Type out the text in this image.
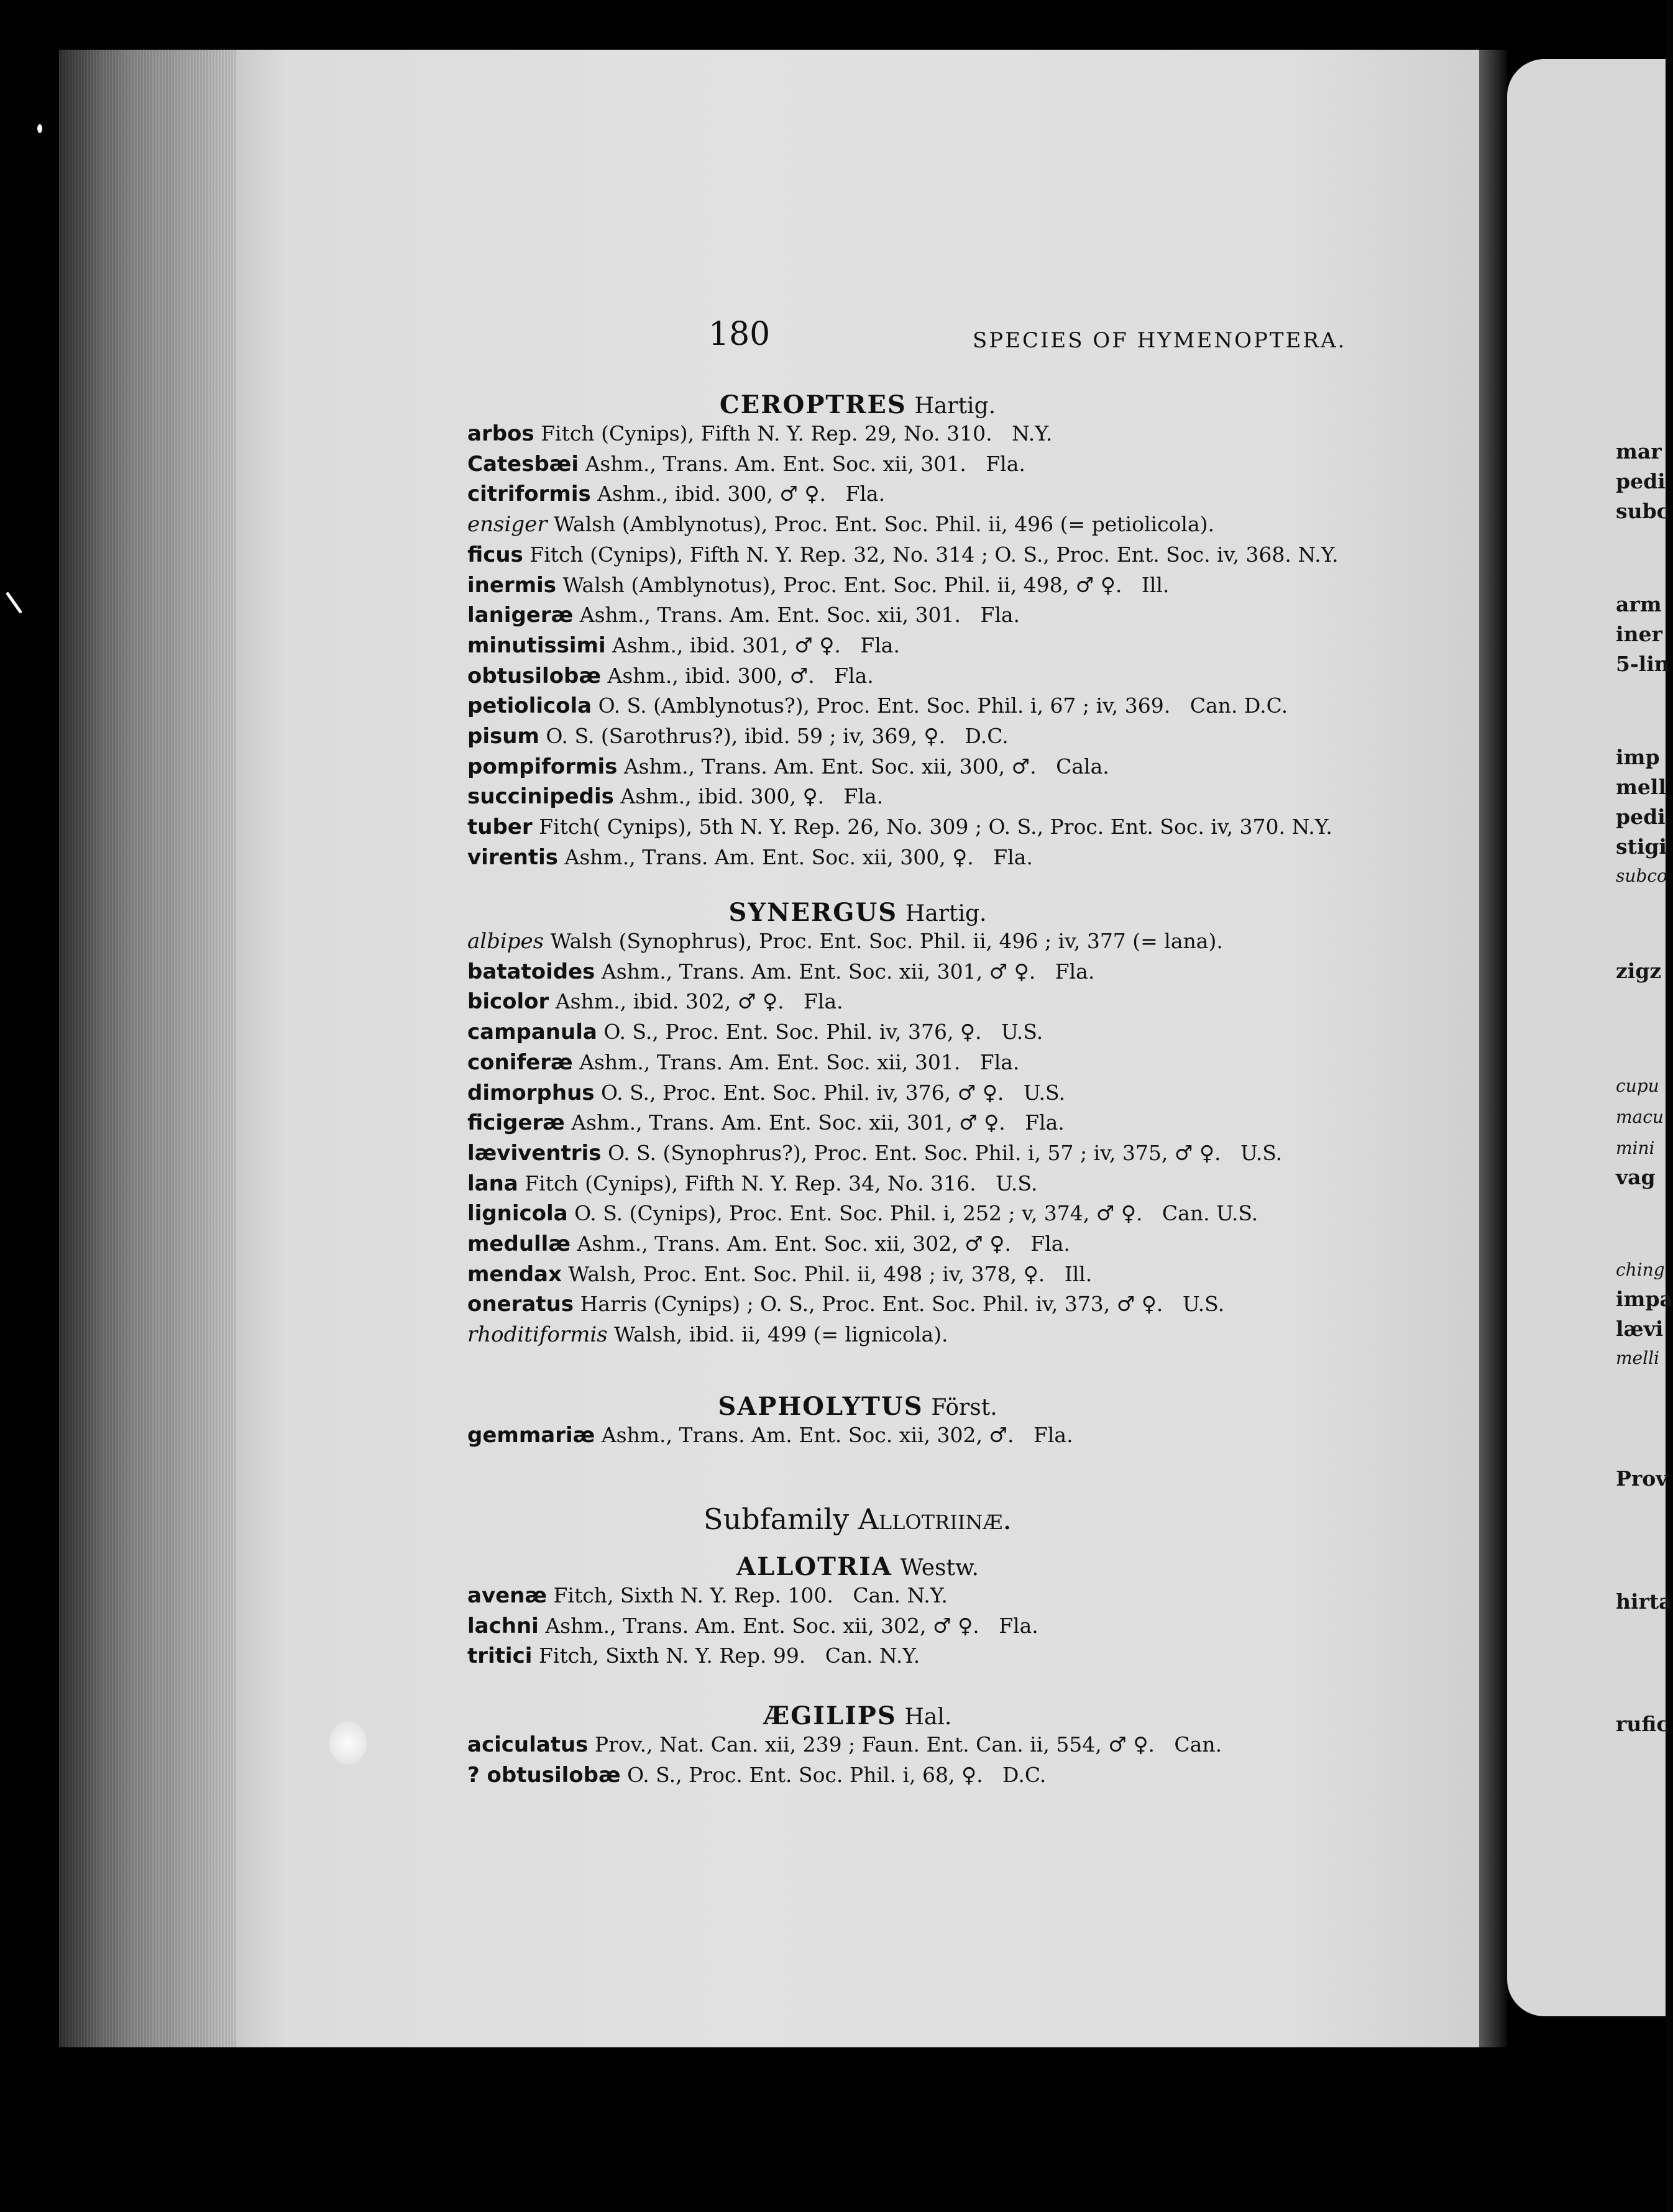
mar
pedi
subc
arm
iner
5-lin
imp
mell
pedi
stigi
subco
zigz
cupu
macu
mini
vag
ching
impa
lævi
melli
Prov
hirta
rufic
180	SPECIES OF HYMENOPTERA.
CEROPTRES Hartig.
arbos Fitch (Cynips), Fifth N. Y. Rep. 29, No. 310.   N.Y.
Catesbæi Ashm., Trans. Am. Ent. Soc. xii, 301.   Fla.
citriformis Ashm., ibid. 300, ♂ ♀.   Fla.
ensiger Walsh (Amblynotus), Proc. Ent. Soc. Phil. ii, 496 (= petiolicola).
ficus Fitch (Cynips), Fifth N. Y. Rep. 32, No. 314 ; O. S., Proc. Ent. Soc. iv, 368. N.Y.
inermis Walsh (Amblynotus), Proc. Ent. Soc. Phil. ii, 498, ♂ ♀.   Ill.
lanigeræ Ashm., Trans. Am. Ent. Soc. xii, 301.   Fla.
minutissimi Ashm., ibid. 301, ♂ ♀.   Fla.
obtusilobæ Ashm., ibid. 300, ♂.   Fla.
petiolicola O. S. (Amblynotus?), Proc. Ent. Soc. Phil. i, 67 ; iv, 369.   Can. D.C.
pisum O. S. (Sarothrus?), ibid. 59 ; iv, 369, ♀.   D.C.
pompiformis Ashm., Trans. Am. Ent. Soc. xii, 300, ♂.   Cala.
succinipedis Ashm., ibid. 300, ♀.   Fla.
tuber Fitch( Cynips), 5th N. Y. Rep. 26, No. 309 ; O. S., Proc. Ent. Soc. iv, 370. N.Y.
virentis Ashm., Trans. Am. Ent. Soc. xii, 300, ♀.   Fla.
SYNERGUS Hartig.
albipes Walsh (Synophrus), Proc. Ent. Soc. Phil. ii, 496 ; iv, 377 (= lana).
batatoides Ashm., Trans. Am. Ent. Soc. xii, 301, ♂ ♀.   Fla.
bicolor Ashm., ibid. 302, ♂ ♀.   Fla.
campanula O. S., Proc. Ent. Soc. Phil. iv, 376, ♀.   U.S.
coniferæ Ashm., Trans. Am. Ent. Soc. xii, 301.   Fla.
dimorphus O. S., Proc. Ent. Soc. Phil. iv, 376, ♂ ♀.   U.S.
ficigeræ Ashm., Trans. Am. Ent. Soc. xii, 301, ♂ ♀.   Fla.
læviventris O. S. (Synophrus?), Proc. Ent. Soc. Phil. i, 57 ; iv, 375, ♂ ♀.   U.S.
lana Fitch (Cynips), Fifth N. Y. Rep. 34, No. 316.   U.S.
lignicola O. S. (Cynips), Proc. Ent. Soc. Phil. i, 252 ; v, 374, ♂ ♀.   Can. U.S.
medullæ Ashm., Trans. Am. Ent. Soc. xii, 302, ♂ ♀.   Fla.
mendax Walsh, Proc. Ent. Soc. Phil. ii, 498 ; iv, 378, ♀.   Ill.
oneratus Harris (Cynips) ; O. S., Proc. Ent. Soc. Phil. iv, 373, ♂ ♀.   U.S.
rhoditiformis Walsh, ibid. ii, 499 (= lignicola).
SAPHOLYTUS Först.
gemmariæ Ashm., Trans. Am. Ent. Soc. xii, 302, ♂.   Fla.
Subfamily Allotriinæ.
ALLOTRIA Westw.
avenæ Fitch, Sixth N. Y. Rep. 100.   Can. N.Y.
lachni Ashm., Trans. Am. Ent. Soc. xii, 302, ♂ ♀.   Fla.
tritici Fitch, Sixth N. Y. Rep. 99.   Can. N.Y.
ÆGILIPS Hal.
aciculatus Prov., Nat. Can. xii, 239 ; Faun. Ent. Can. ii, 554, ♂ ♀.   Can.
? obtusilobæ O. S., Proc. Ent. Soc. Phil. i, 68, ♀.   D.C.
